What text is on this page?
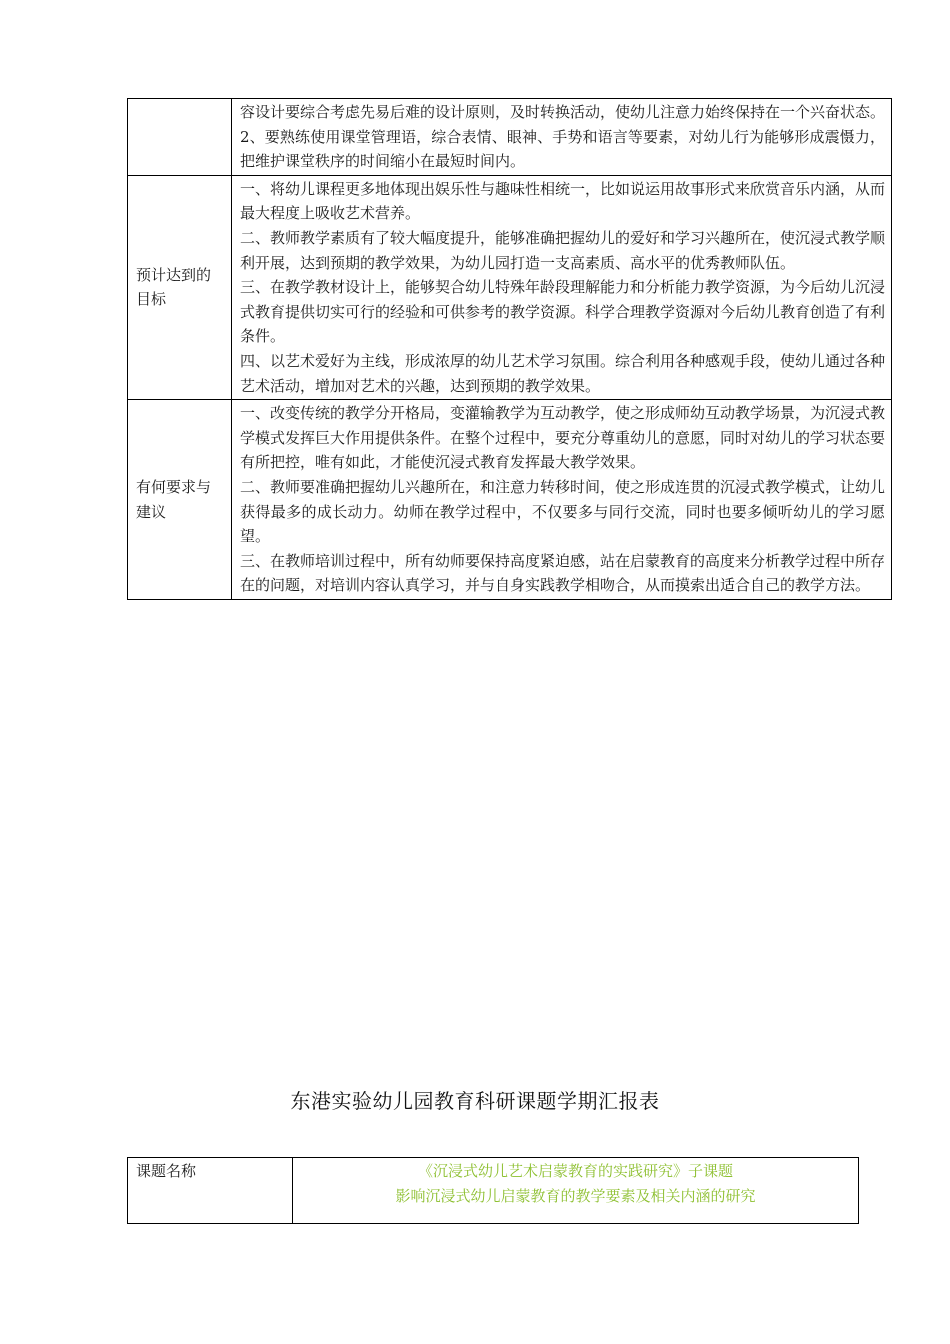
	容设计要综合考虑先易后难的设计原则，及时转换活动，使幼儿注意力始终保持在一个兴奋状态。2、要熟练使用课堂管理语，综合表情、眼神、手势和语言等要素，对幼儿行为能够形成震慑力，把维护课堂秩序的时间缩小在最短时间内。

预计达到的目标	一、将幼儿课程更多地体现出娱乐性与趣味性相统一，比如说运用故事形式来欣赏音乐内涵，从而最大程度上吸收艺术营养。

二、教师教学素质有了较大幅度提升，能够准确把握幼儿的爱好和学习兴趣所在，使沉浸式教学顺利开展，达到预期的教学效果，为幼儿园打造一支高素质、高水平的优秀教师队伍。

三、在教学教材设计上，能够契合幼儿特殊年龄段理解能力和分析能力教学资源，为今后幼儿沉浸式教育提供切实可行的经验和可供参考的教学资源。科学合理教学资源对今后幼儿教育创造了有利条件。

四、以艺术爱好为主线，形成浓厚的幼儿艺术学习氛围。综合利用各种感观手段，使幼儿通过各种艺术活动，增加对艺术的兴趣，达到预期的教学效果。

有何要求与建议	一、改变传统的教学分开格局，变灌输教学为互动教学，使之形成师幼互动教学场景，为沉浸式教学模式发挥巨大作用提供条件。在整个过程中，要充分尊重幼儿的意愿，同时对幼儿的学习状态要有所把控，唯有如此，才能使沉浸式教育发挥最大教学效果。

二、教师要准确把握幼儿兴趣所在，和注意力转移时间，使之形成连贯的沉浸式教学模式，让幼儿获得最多的成长动力。幼师在教学过程中，不仅要多与同行交流，同时也要多倾听幼儿的学习愿望。

三、在教师培训过程中，所有幼师要保持高度紧迫感，站在启蒙教育的高度来分析教学过程中所存在的问题，对培训内容认真学习，并与自身实践教学相吻合，从而摸索出适合自己的教学方法。

东港实验幼儿园教育科研课题学期汇报表
课题名称	《沉浸式幼儿艺术启蒙教育的实践研究》子课题
影响沉浸式幼儿启蒙教育的教学要素及相关内涵的研究
